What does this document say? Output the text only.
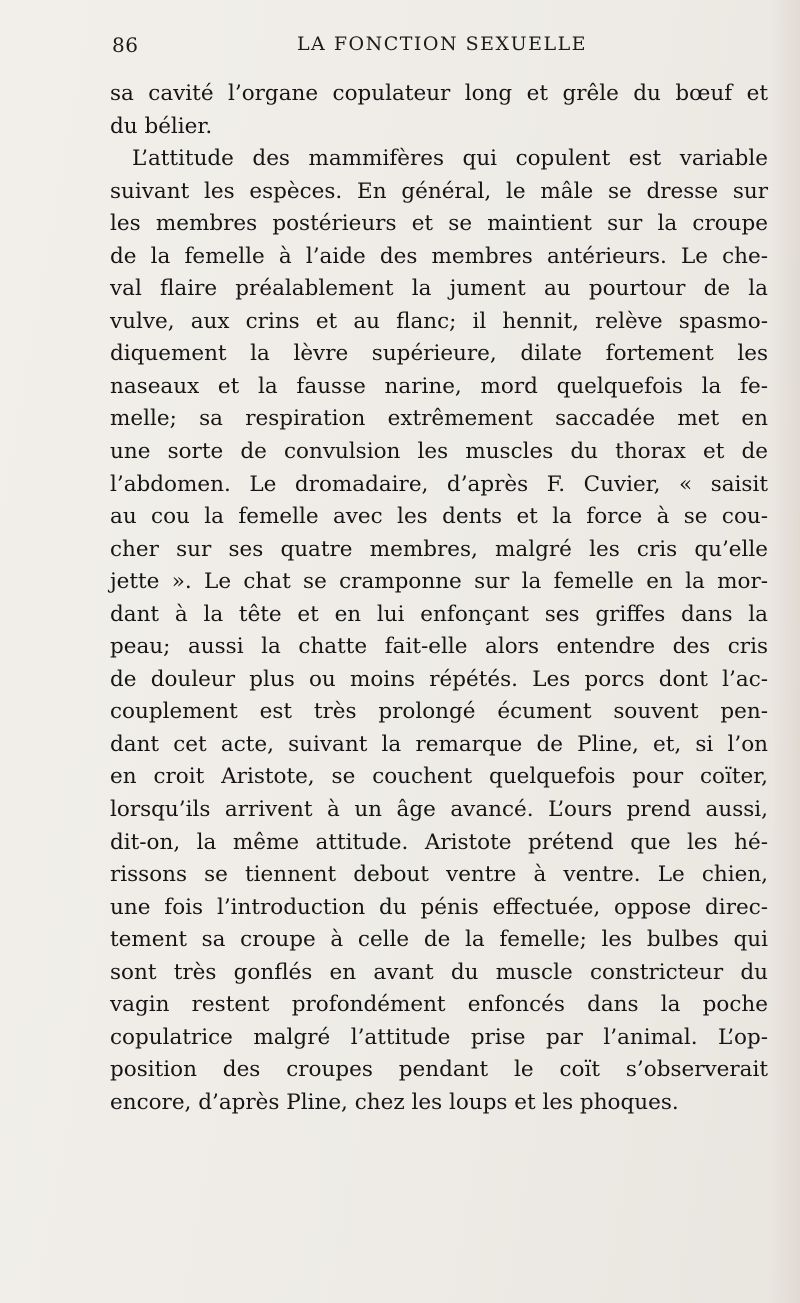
86	LA FONCTION SEXUELLE
sa cavité l’organe copulateur long et grêle du bœuf et
du bélier.
L’attitude des mammifères qui copulent est variable
suivant les espèces. En général, le mâle se dresse sur
les membres postérieurs et se maintient sur la croupe
de la femelle à l’aide des membres antérieurs. Le che-
val flaire préalablement la jument au pourtour de la
vulve, aux crins et au flanc; il hennit, relève spasmo-
diquement la lèvre supérieure, dilate fortement les
naseaux et la fausse narine, mord quelquefois la fe-
melle; sa respiration extrêmement saccadée met en
une sorte de convulsion les muscles du thorax et de
l’abdomen. Le dromadaire, d’après F. Cuvier, « saisit
au cou la femelle avec les dents et la force à se cou-
cher sur ses quatre membres, malgré les cris qu’elle
jette ». Le chat se cramponne sur la femelle en la mor-
dant à la tête et en lui enfonçant ses griffes dans la
peau; aussi la chatte fait-elle alors entendre des cris
de douleur plus ou moins répétés. Les porcs dont l’ac-
couplement est très prolongé écument souvent pen-
dant cet acte, suivant la remarque de Pline, et, si l’on
en croit Aristote, se couchent quelquefois pour coïter,
lorsqu’ils arrivent à un âge avancé. L’ours prend aussi,
dit-on, la même attitude. Aristote prétend que les hé-
rissons se tiennent debout ventre à ventre. Le chien,
une fois l’introduction du pénis effectuée, oppose direc-
tement sa croupe à celle de la femelle; les bulbes qui
sont très gonflés en avant du muscle constricteur du
vagin restent profondément enfoncés dans la poche
copulatrice malgré l’attitude prise par l’animal. L’op-
position des croupes pendant le coït s’observerait
encore, d’après Pline, chez les loups et les phoques.
